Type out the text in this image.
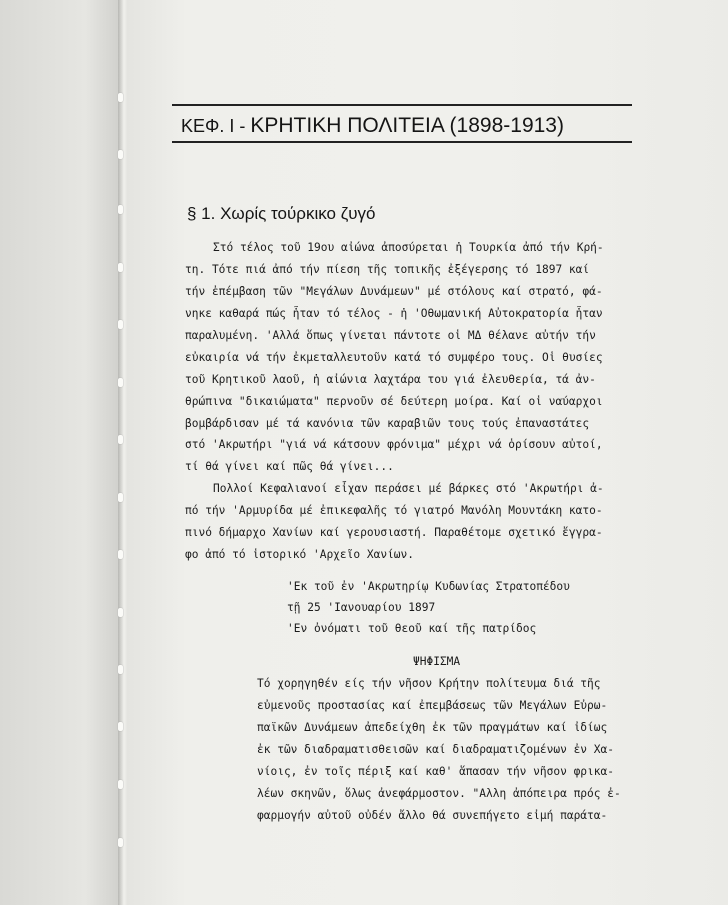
ΚΕΦ. Ι - ΚΡΗΤΙΚΗ ΠΟΛΙΤΕΙΑ (1898-1913)
§ 1. Χωρίς τούρκικο ζυγό
Στό τέλος τοῦ 19ου αἰώνα ἀποσύρεται ἡ Τουρκία ἀπό τήν Κρή-
τη. Τότε πιά ἀπό τήν πίεση τῆς τοπικῆς ἐξέγερσης τό 1897 καί
τήν ἐπέμβαση τῶν "Μεγάλων Δυνάμεων" μέ στόλους καί στρατό, φά-
νηκε καθαρά πώς ἦταν τό τέλος - ἡ 'Οθωμανική Αὐτοκρατορία ἦταν
παραλυμένη. 'Αλλά ὅπως γίνεται πάντοτε οἱ ΜΔ θέλανε αὐτήν τήν
εὐκαιρία νά τήν ἐκμεταλλευτοῦν κατά τό συμφέρο τους. Οἱ θυσίες
τοῦ Κρητικοῦ λαοῦ, ἡ αἰώνια λαχτάρα του γιά ἐλευθερία, τά ἀν-
θρώπινα "δικαιώματα" περνοῦν σέ δεύτερη μοίρα. Καί οἱ ναύαρχοι
βομβάρδισαν μέ τά κανόνια τῶν καραβιῶν τους τούς ἐπαναστάτες
στό 'Ακρωτήρι "γιά νά κάτσουν φρόνιμα" μέχρι νά ὁρίσουν αὐτοί,
τί θά γίνει καί πῶς θά γίνει...
Πολλοί Κεφαλιανοί εἶχαν περάσει μέ βάρκες στό 'Ακρωτήρι ἀ-
πό τήν 'Αρμυρίδα μέ ἐπικεφαλῆς τό γιατρό Μανόλη Μουντάκη κατο-
πινό δήμαρχο Χανίων καί γερουσιαστή. Παραθέτομε σχετικό ἔγγρα-
φο ἀπό τό ἱστορικό 'Αρχεῖο Χανίων.
'Εκ τοῦ ἐν 'Ακρωτηρίῳ Κυδωνίας Στρατοπέδου
τῇ 25 'Ιανουαρίου 1897
'Εν ὀνόματι τοῦ θεοῦ καί τῆς πατρίδος
ΨΗΦΙΣΜΑ
Τό χορηγηθέν είς τήν νῆσον Κρήτην πολίτευμα διά τῆς
εὐμενοῦς προστασίας καί ἐπεμβάσεως τῶν Μεγάλων Εὐρω-
παϊκῶν Δυνάμεων ἀπεδείχθη ἐκ τῶν πραγμάτων καί ἰδίως
ἐκ τῶν διαδραματισθεισῶν καί διαδραματιζομένων ἐν Χα-
νίοις, ἐν τοῖς πέριξ καί καθ' ἅπασαν τήν νῆσον φρικα-
λέων σκηνῶν, ὅλως ἀνεφάρμοστον. "Αλλη ἀπόπειρα πρός ἐ-
φαρμογήν αὐτοῦ οὐδέν ἄλλο θά συνεπήγετο εἰμή παράτα-
